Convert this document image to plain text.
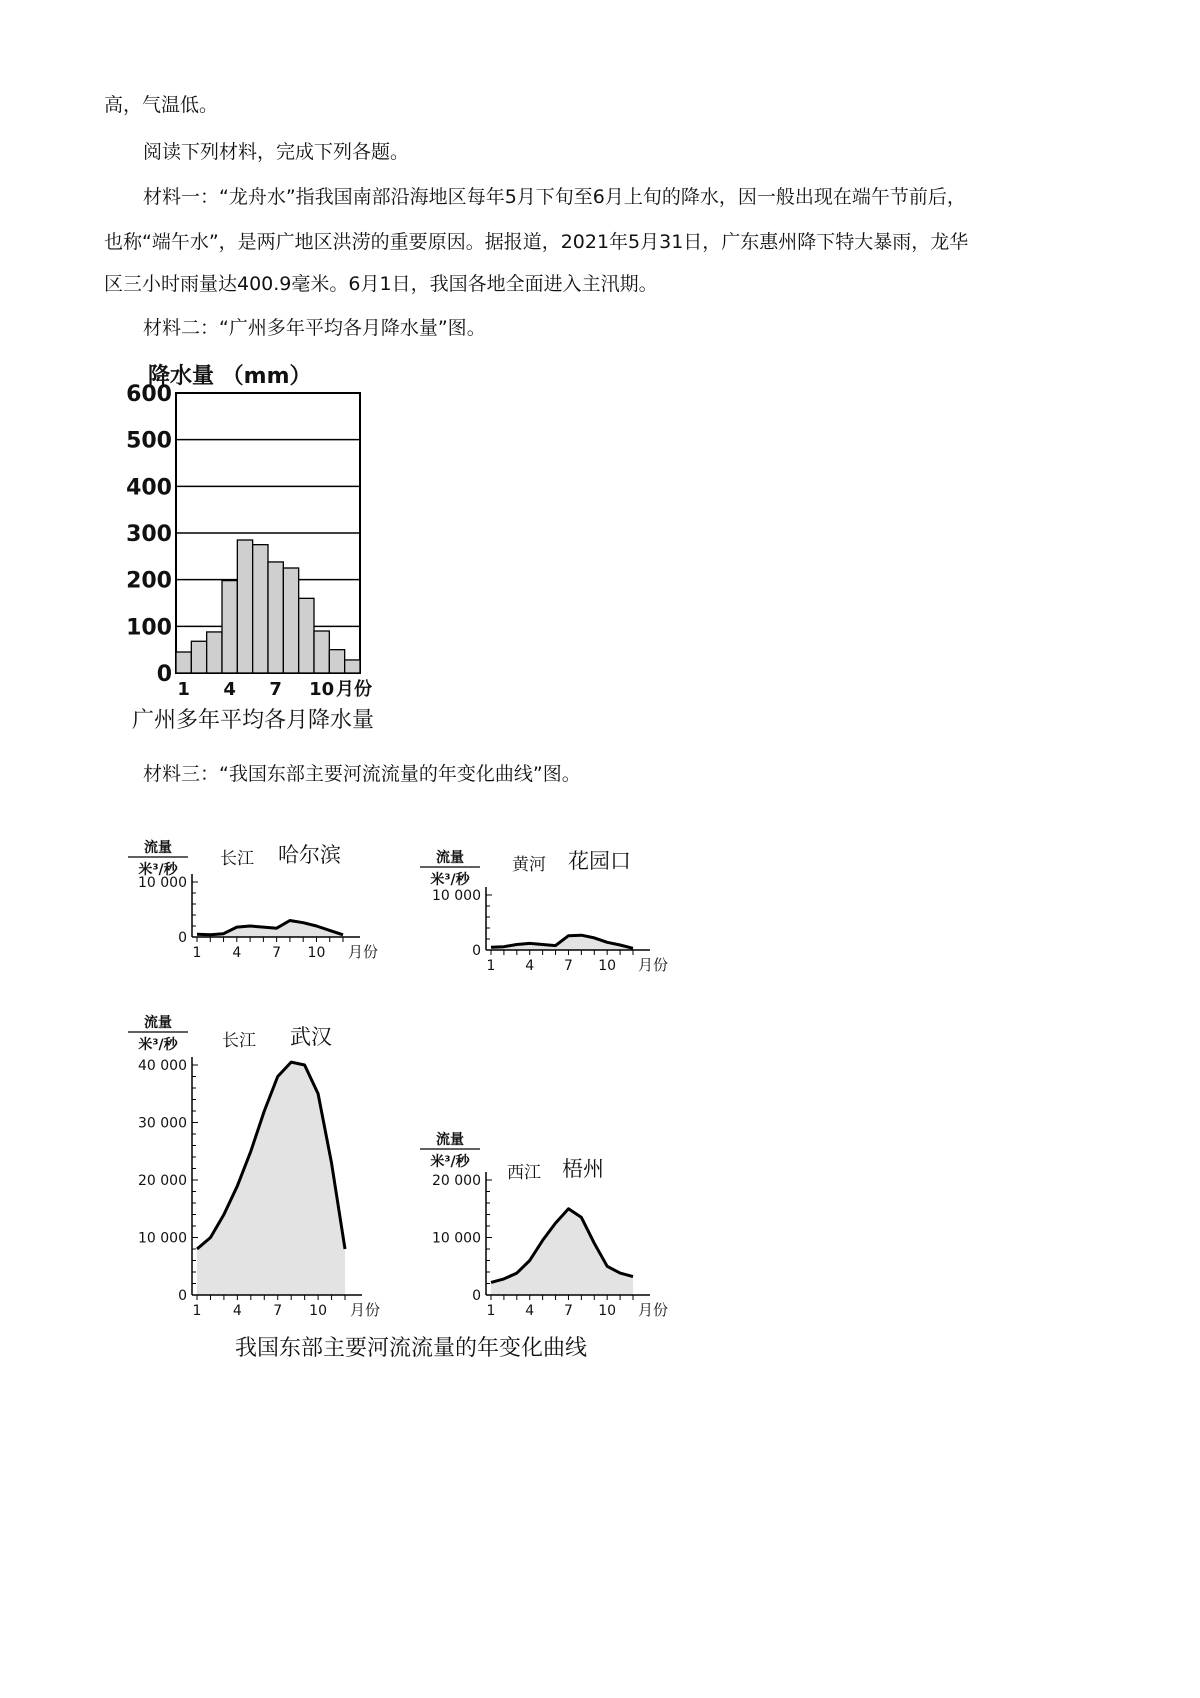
高，气温低。
阅读下列材料，完成下列各题。
材料一：“龙舟水”指我国南部沿海地区每年5月下旬至6月上旬的降水，因一般出现在端午节前后，
也称“端午水”，是两广地区洪涝的重要原因。据报道，2021年5月31日，广东惠州降下特大暴雨，龙华
区三小时雨量达400.9毫米。6月1日，我国各地全面进入主汛期。
材料二：“广州多年平均各月降水量”图。
材料三：“我国东部主要河流流量的年变化曲线”图。
降水量 （mm）
0
100
200
300
400
500
600
1 4 7 10 月份
广州多年平均各月降水量
流量
米³/秒
长江 哈尔滨
0
10 000
1 4 7 10 月份
流量
米³/秒
黄河 花园口
0
10 000
1 4 7 10 月份
流量
米³/秒	长江 武汉
0
10 000
20 000
30 000
40 000
1 4 7 10 月份
流量
米³/秒
西江 梧州
0
10 000
20 000
1 4 7 10 月份
我国东部主要河流流量的年变化曲线
